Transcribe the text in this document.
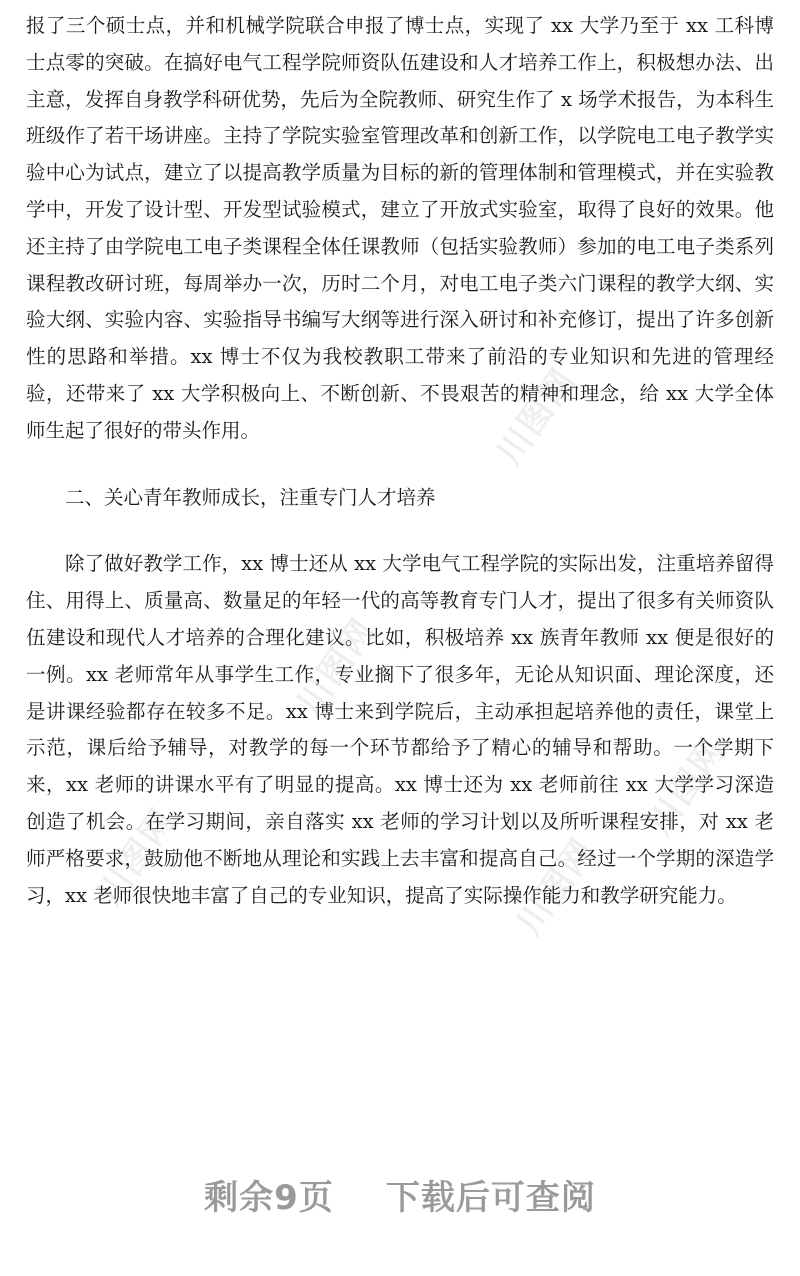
川图网
川图网
川图网
川图网	川图网

报了三个硕士点，并和机械学院联合申报了博士点，实现了 xx 大学乃至于 xx 工科博士点零的突破。在搞好电气工程学院师资队伍建设和人才培养工作上，积极想办法、出主意，发挥自身教学科研优势，先后为全院教师、研究生作了 x 场学术报告，为本科生班级作了若干场讲座。主持了学院实验室管理改革和创新工作，以学院电工电子教学实验中心为试点，建立了以提高教学质量为目标的新的管理体制和管理模式，并在实验教学中，开发了设计型、开发型试验模式，建立了开放式实验室，取得了良好的效果。他还主持了由学院电工电子类课程全体任课教师（包括实验教师）参加的电工电子类系列课程教改研讨班，每周举办一次，历时二个月，对电工电子类六门课程的教学大纲、实验大纲、实验内容、实验指导书编写大纲等进行深入研讨和补充修订，提出了许多创新性的思路和举措。xx 博士不仅为我校教职工带来了前沿的专业知识和先进的管理经验，还带来了 xx 大学积极向上、不断创新、不畏艰苦的精神和理念，给 xx 大学全体师生起了很好的带头作用。

二、关心青年教师成长，注重专门人才培养

除了做好教学工作，xx 博士还从 xx 大学电气工程学院的实际出发，注重培养留得住、用得上、质量高、数量足的年轻一代的高等教育专门人才，提出了很多有关师资队伍建设和现代人才培养的合理化建议。比如，积极培养 xx 族青年教师 xx 便是很好的一例。xx 老师常年从事学生工作，专业搁下了很多年，无论从知识面、理论深度，还是讲课经验都存在较多不足。xx 博士来到学院后，主动承担起培养他的责任，课堂上示范，课后给予辅导，对教学的每一个环节都给予了精心的辅导和帮助。一个学期下来，xx 老师的讲课水平有了明显的提高。xx 博士还为 xx 老师前往 xx 大学学习深造创造了机会。在学习期间，亲自落实 xx 老师的学习计划以及所听课程安排，对 xx 老师严格要求，鼓励他不断地从理论和实践上去丰富和提高自己。经过一个学期的深造学习，xx 老师很快地丰富了自己的专业知识，提高了实际操作能力和教学研究能力。

剩余9页 下载后可查阅
